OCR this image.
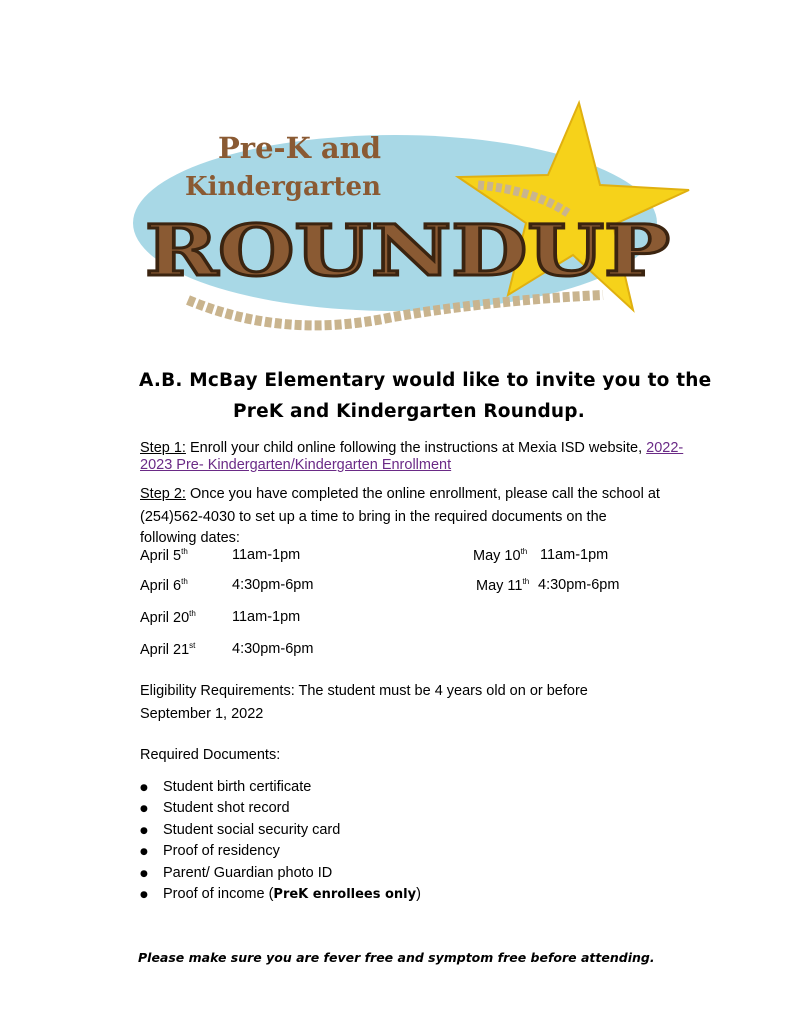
Pre-K and
Kindergarten
ROUNDUP
A.B. McBay Elementary would like to invite you to the
PreK and Kindergarten Roundup.
Step 1: Enroll your child online following the instructions at Mexia ISD website, 2022-
2023 Pre- Kindergarten/Kindergarten Enrollment
Step 2: Once you have completed the online enrollment, please call the school at
(254)562-4030 to set up a time to bring in the required documents on the
following dates:
April 5th	11am-1pm	May 10th 11am-1pm
April 6th	4:30pm-6pm	May 11th 4:30pm-6pm
April 20th 11am-1pm
April 21st	4:30pm-6pm
Eligibility Requirements: The student must be 4 years old on or before
September 1, 2022
Required Documents:
● Student birth certificate
● Student shot record
● Student social security card
● Proof of residency
● Parent/ Guardian photo ID
● Proof of income (PreK enrollees only)
Please make sure you are fever free and symptom free before attending.
